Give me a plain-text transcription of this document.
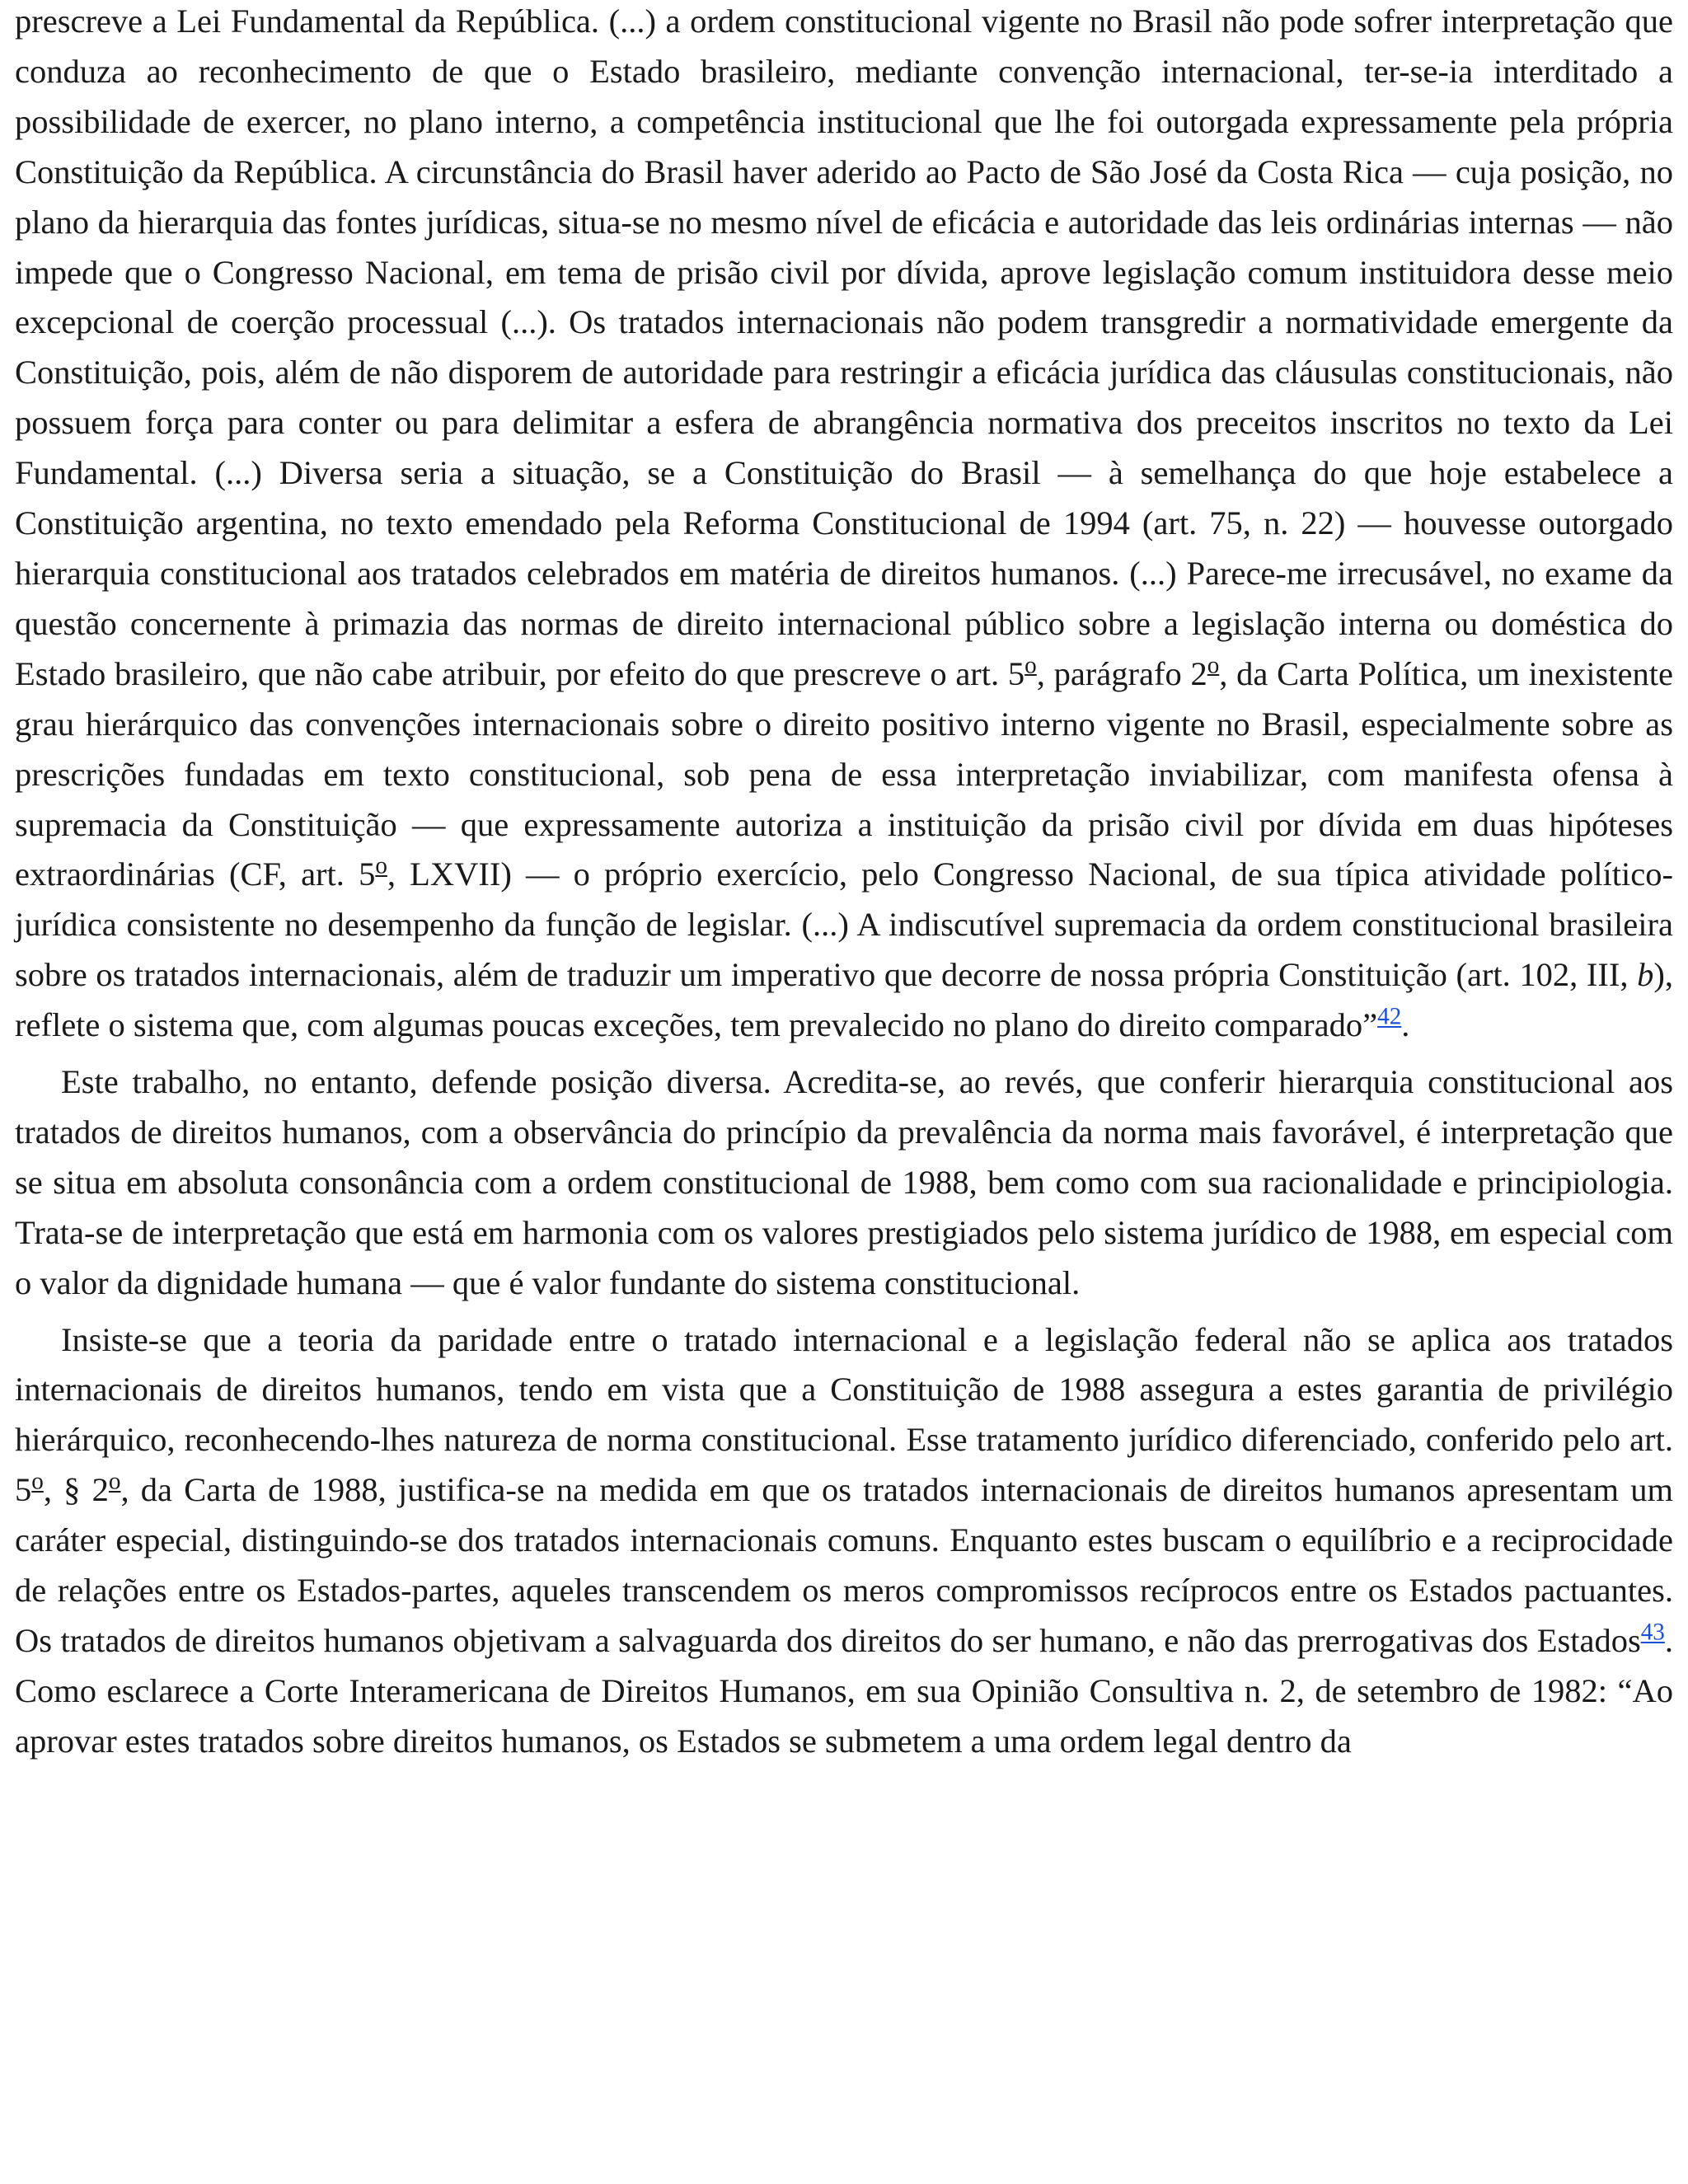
prescreve a Lei Fundamental da República. (...) a ordem constitucional vigente no Brasil não pode sofrer interpretação que conduza ao reconhecimento de que o Estado brasileiro, mediante convenção internacional, ter-se-ia interditado a possibilidade de exercer, no plano interno, a competência institucional que lhe foi outorgada expressamente pela própria Constituição da República. A circunstância do Brasil haver aderido ao Pacto de São José da Costa Rica — cuja posição, no plano da hierarquia das fontes jurídicas, situa-se no mesmo nível de eficácia e autoridade das leis ordinárias internas — não impede que o Congresso Nacional, em tema de prisão civil por dívida, aprove legislação comum instituidora desse meio excepcional de coerção processual (...). Os tratados internacionais não podem transgredir a normatividade emergente da Constituição, pois, além de não disporem de autoridade para restringir a eficácia jurídica das cláusulas constitucionais, não possuem força para conter ou para delimitar a esfera de abrangência normativa dos preceitos inscritos no texto da Lei Fundamental. (...) Diversa seria a situação, se a Constituição do Brasil — à semelhança do que hoje estabelece a Constituição argentina, no texto emendado pela Reforma Constitucional de 1994 (art. 75, n. 22) — houvesse outorgado hierarquia constitucional aos tratados celebrados em matéria de direitos humanos. (...) Parece-me irrecusável, no exame da questão concernente à primazia das normas de direito internacional público sobre a legislação interna ou doméstica do Estado brasileiro, que não cabe atribuir, por efeito do que prescreve o art. 5$^o$, parágrafo 2$^o$, da Carta Política, um inexistente grau hierárquico das convenções internacionais sobre o direito positivo interno vigente no Brasil, especialmente sobre as prescrições fundadas em texto constitucional, sob pena de essa interpretação inviabilizar, com manifesta ofensa à supremacia da Constituição — que expressamente autoriza a instituição da prisão civil por dívida em duas hipóteses extraordinárias (CF, art. 5$^o$, LXVII) — o próprio exercício, pelo Congresso Nacional, de sua típica atividade político-jurídica consistente no desempenho da função de legislar. (...) A indiscutível supremacia da ordem constitucional brasileira sobre os tratados internacionais, além de traduzir um imperativo que decorre de nossa própria Constituição (art. 102, III, b), reflete o sistema que, com algumas poucas exceções, tem prevalecido no plano do direito comparado”$^{42}$.

Este trabalho, no entanto, defende posição diversa. Acredita-se, ao revés, que conferir hierarquia constitucional aos tratados de direitos humanos, com a observância do princípio da prevalência da norma mais favorável, é interpretação que se situa em absoluta consonância com a ordem constitucional de 1988, bem como com sua racionalidade e principiologia. Trata-se de interpretação que está em harmonia com os valores prestigiados pelo sistema jurídico de 1988, em especial com o valor da dignidade humana — que é valor fundante do sistema constitucional.

Insiste-se que a teoria da paridade entre o tratado internacional e a legislação federal não se aplica aos tratados internacionais de direitos humanos, tendo em vista que a Constituição de 1988 assegura a estes garantia de privilégio hierárquico, reconhecendo-lhes natureza de norma constitucional. Esse tratamento jurídico diferenciado, conferido pelo art. 5$^o$, § 2$^o$, da Carta de 1988, justifica-se na medida em que os tratados internacionais de direitos humanos apresentam um caráter especial, distinguindo-se dos tratados internacionais comuns. Enquanto estes buscam o equilíbrio e a reciprocidade de relações entre os Estados-partes, aqueles transcendem os meros compromissos recíprocos entre os Estados pactuantes. Os tratados de direitos humanos objetivam a salvaguarda dos direitos do ser humano, e não das prerrogativas dos Estados$^{43}$. Como esclarece a Corte Interamericana de Direitos Humanos, em sua Opinião Consultiva n. 2, de setembro de 1982: “Ao aprovar estes tratados sobre direitos humanos, os Estados se submetem a uma ordem legal dentro da
